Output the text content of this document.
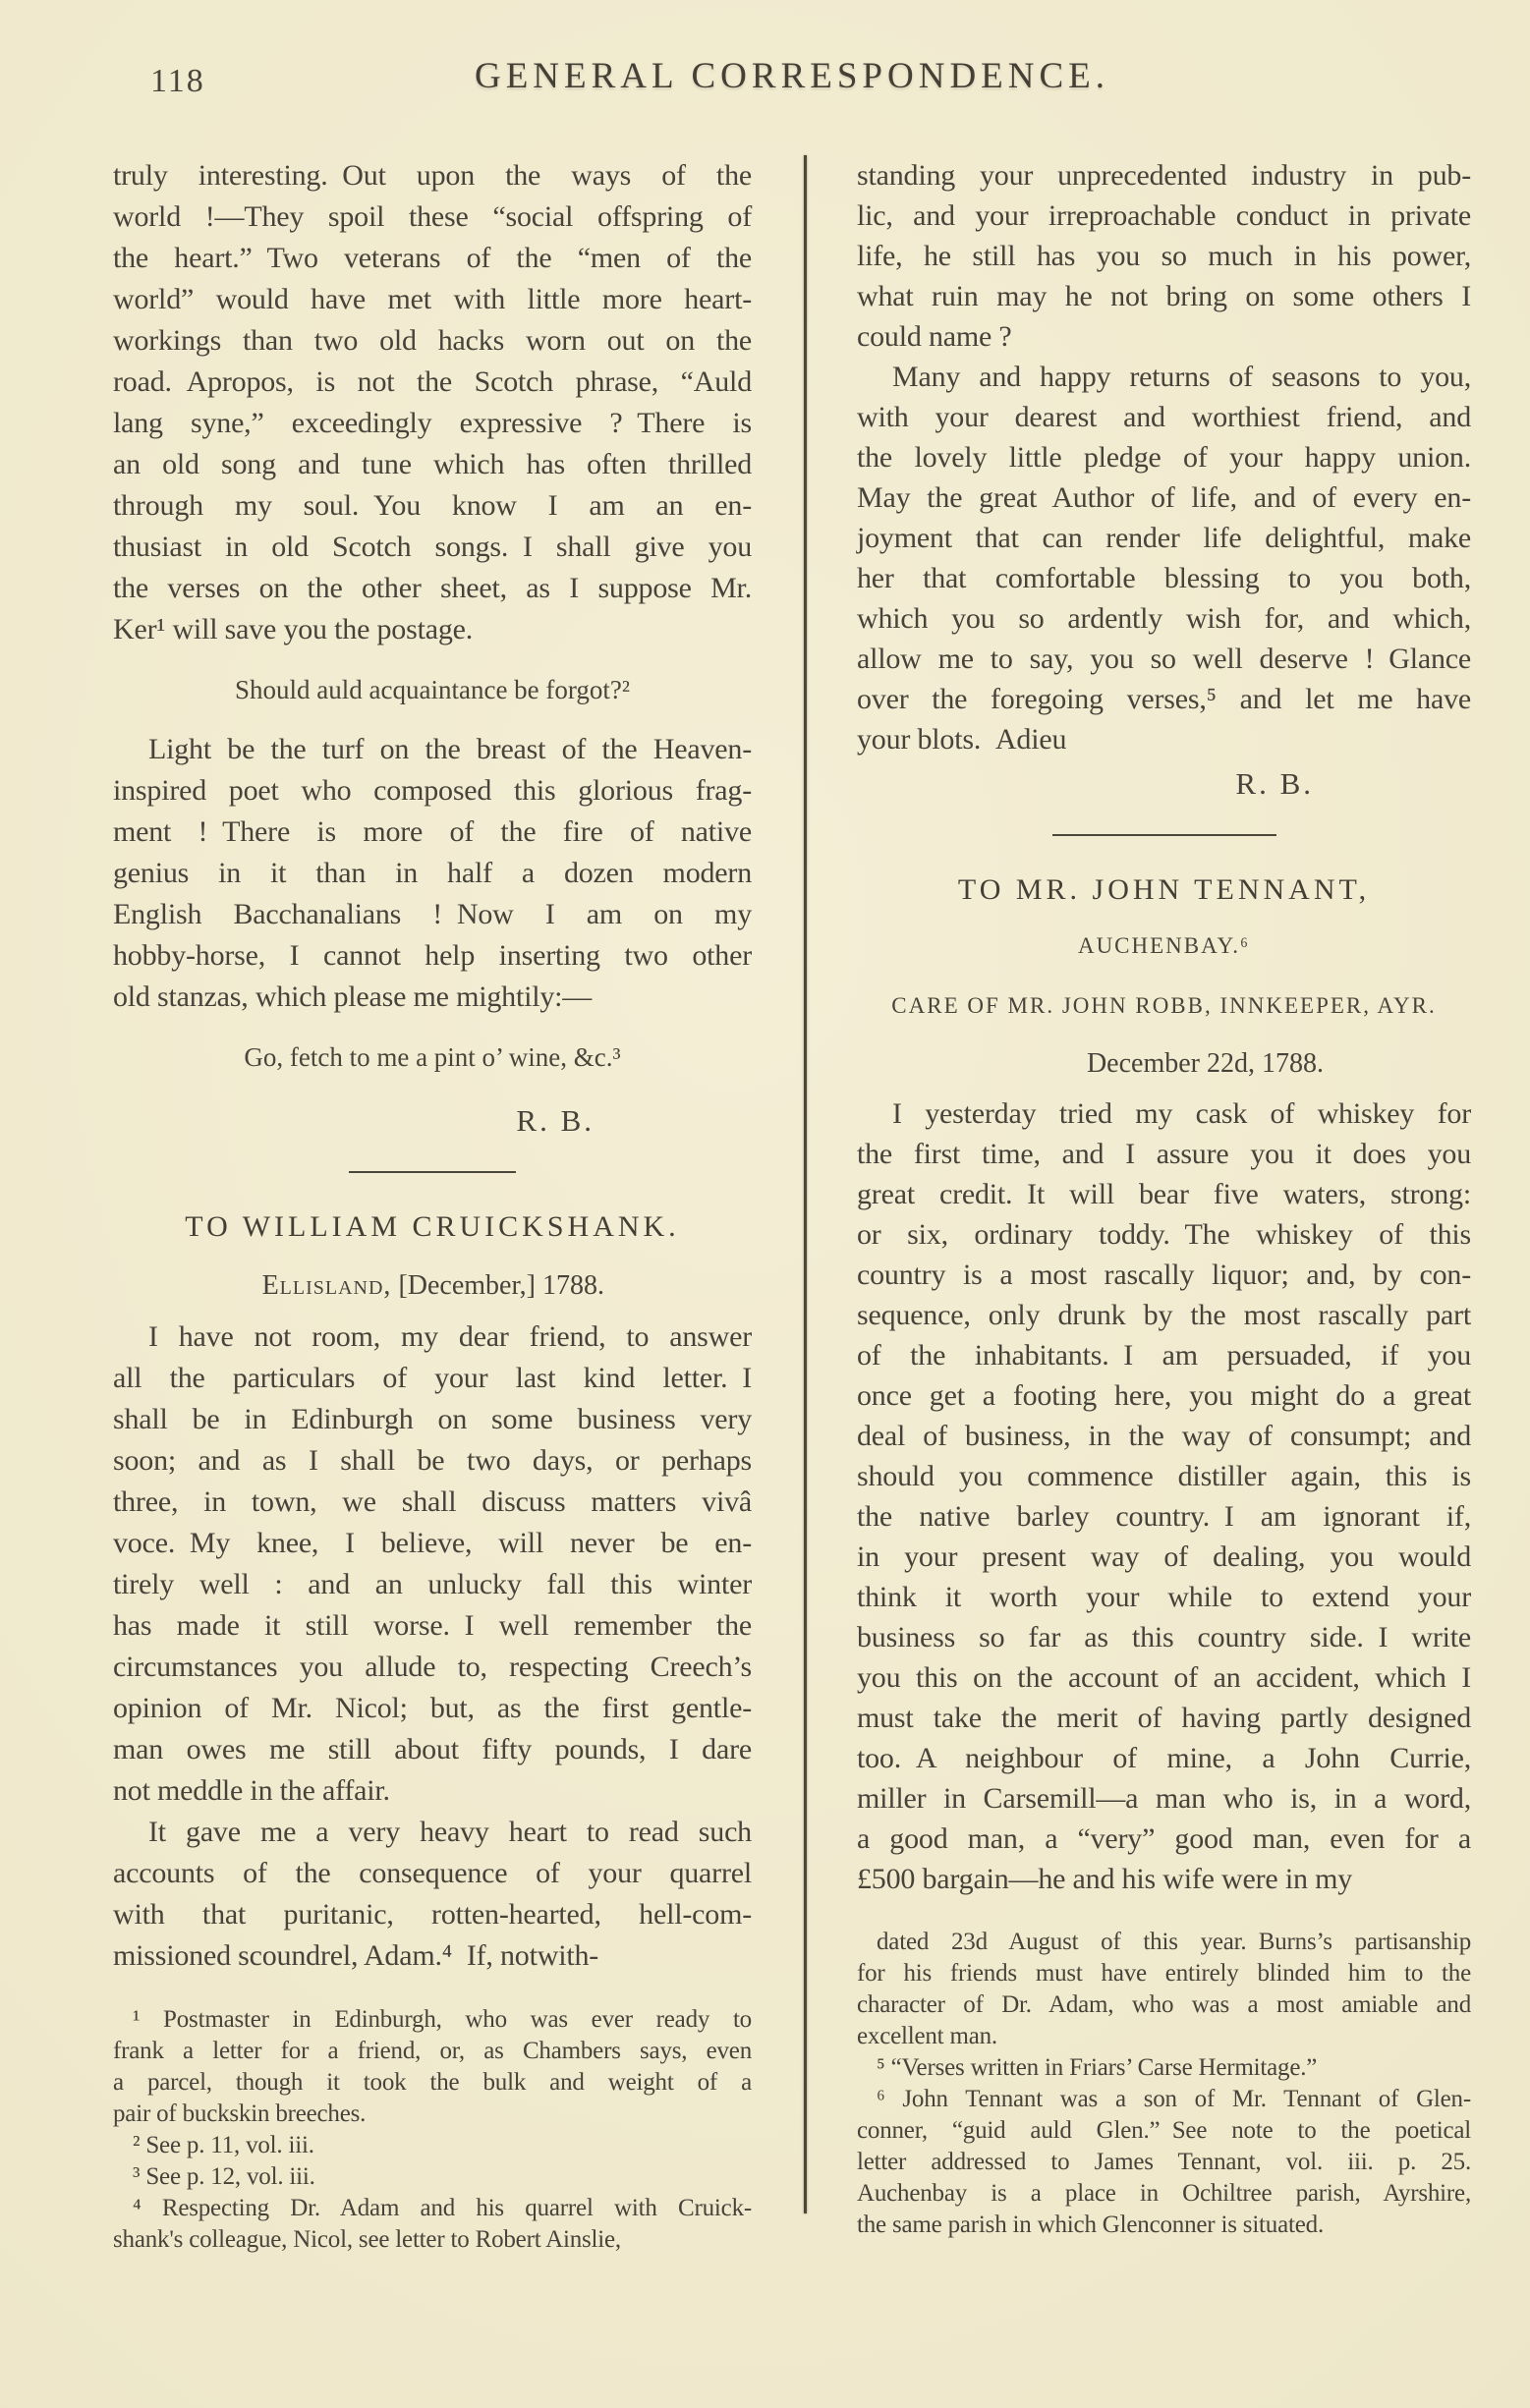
118	GENERAL CORRESPONDENCE.
truly interesting. Out upon the ways of the
world !—They spoil these “social offspring of
the heart.” Two veterans of the “men of the
world” would have met with little more heart-
workings than two old hacks worn out on the
road. Apropos, is not the Scotch phrase, “Auld
lang syne,” exceedingly expressive ? There is
an old song and tune which has often thrilled
through my soul. You know I am an en-
thusiast in old Scotch songs. I shall give you
the verses on the other sheet, as I suppose Mr.
Ker¹ will save you the postage.
Should auld acquaintance be forgot?²
Light be the turf on the breast of the Heaven-
inspired poet who composed this glorious frag-
ment ! There is more of the fire of native
genius in it than in half a dozen modern
English Bacchanalians ! Now I am on my
hobby-horse, I cannot help inserting two other
old stanzas, which please me mightily:—
Go, fetch to me a pint o’ wine, &c.³
R. B.
TO WILLIAM CRUICKSHANK.
Ellisland, [December,] 1788.
I have not room, my dear friend, to answer
all the particulars of your last kind letter. I
shall be in Edinburgh on some business very
soon; and as I shall be two days, or perhaps
three, in town, we shall discuss matters vivâ
voce. My knee, I believe, will never be en-
tirely well : and an unlucky fall this winter
has made it still worse. I well remember the
circumstances you allude to, respecting Creech’s
opinion of Mr. Nicol; but, as the first gentle-
man owes me still about fifty pounds, I dare
not meddle in the affair.
It gave me a very heavy heart to read such
accounts of the consequence of your quarrel
with that puritanic, rotten-hearted, hell-com-
missioned scoundrel, Adam.⁴ If, notwith-
¹ Postmaster in Edinburgh, who was ever ready to
frank a letter for a friend, or, as Chambers says, even
a parcel, though it took the bulk and weight of a
pair of buckskin breeches.
² See p. 11, vol. iii.
³ See p. 12, vol. iii.
⁴ Respecting Dr. Adam and his quarrel with Cruick-
shank's colleague, Nicol, see letter to Robert Ainslie,
standing your unprecedented industry in pub-
lic, and your irreproachable conduct in private
life, he still has you so much in his power,
what ruin may he not bring on some others I
could name ?
Many and happy returns of seasons to you,
with your dearest and worthiest friend, and
the lovely little pledge of your happy union.
May the great Author of life, and of every en-
joyment that can render life delightful, make
her that comfortable blessing to you both,
which you so ardently wish for, and which,
allow me to say, you so well deserve ! Glance
over the foregoing verses,⁵ and let me have
your blots. Adieu
R. B.
TO MR. JOHN TENNANT,
AUCHENBAY.⁶
CARE OF MR. JOHN ROBB, INNKEEPER, AYR.
December 22d, 1788.
I yesterday tried my cask of whiskey for
the first time, and I assure you it does you
great credit. It will bear five waters, strong:
or six, ordinary toddy. The whiskey of this
country is a most rascally liquor; and, by con-
sequence, only drunk by the most rascally part
of the inhabitants. I am persuaded, if you
once get a footing here, you might do a great
deal of business, in the way of consumpt; and
should you commence distiller again, this is
the native barley country. I am ignorant if,
in your present way of dealing, you would
think it worth your while to extend your
business so far as this country side. I write
you this on the account of an accident, which I
must take the merit of having partly designed
too. A neighbour of mine, a John Currie,
miller in Carsemill—a man who is, in a word,
a good man, a “very” good man, even for a
£500 bargain—he and his wife were in my
dated 23d August of this year. Burns’s partisanship
for his friends must have entirely blinded him to the
character of Dr. Adam, who was a most amiable and
excellent man.
⁵ “Verses written in Friars’ Carse Hermitage.”
⁶ John Tennant was a son of Mr. Tennant of Glen-
conner, “guid auld Glen.” See note to the poetical
letter addressed to James Tennant, vol. iii. p. 25.
Auchenbay is a place in Ochiltree parish, Ayrshire,
the same parish in which Glenconner is situated.
